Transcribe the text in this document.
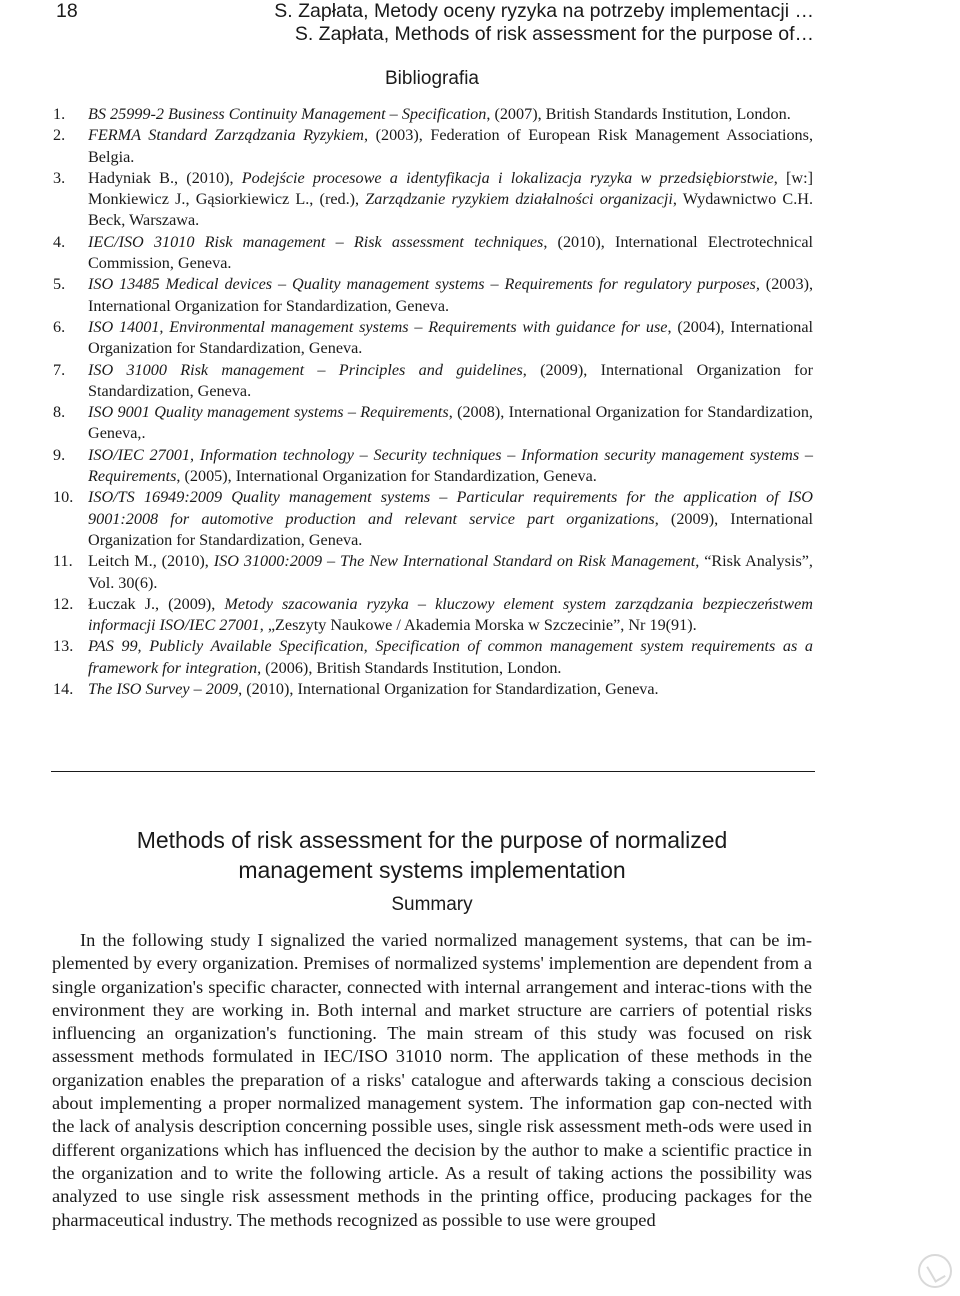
18	S. Zapłata, Metody oceny ryzyka na potrzeby implementacji …
S. Zapłata, Methods of risk assessment for the purpose of…
Bibliografia
1.	BS 25999-2 Business Continuity Management – Specification, (2007), British Standards Institution, London.
2.	FERMA Standard Zarządzania Ryzykiem, (2003), Federation of European Risk Management Associations, Belgia.
3.	Hadyniak B., (2010), Podejście procesowe a identyfikacja i lokalizacja ryzyka w przedsiębiorstwie, [w:] Monkiewicz J., Gąsiorkiewicz L., (red.), Zarządzanie ryzykiem działalności organizacji, Wydawnictwo C.H. Beck, Warszawa.
4.	IEC/ISO 31010 Risk management – Risk assessment techniques, (2010), International Electrotechnical Commission, Geneva.
5.	ISO 13485 Medical devices – Quality management systems – Requirements for regulatory purposes, (2003), International Organization for Standardization, Geneva.
6.	ISO 14001, Environmental management systems – Requirements with guidance for use, (2004), International Organization for Standardization, Geneva.
7.	ISO 31000 Risk management – Principles and guidelines, (2009), International Organization for Standardization, Geneva.
8.	ISO 9001 Quality management systems – Requirements, (2008), International Organization for Standardization, Geneva,.
9.	ISO/IEC 27001, Information technology – Security techniques – Information security management systems – Requirements, (2005), International Organization for Standardization, Geneva.
10. ISO/TS 16949:2009 Quality management systems – Particular requirements for the application of ISO 9001:2008 for automotive production and relevant service part organizations, (2009), International Organization for Standardization, Geneva.
11. Leitch M., (2010), ISO 31000:2009 – The New International Standard on Risk Management, “Risk Analysis”, Vol. 30(6).
12. Łuczak J., (2009), Metody szacowania ryzyka – kluczowy element system zarządzania bezpieczeństwem informacji ISO/IEC 27001, „Zeszyty Naukowe / Akademia Morska w Szczecinie”, Nr 19(91).
13. PAS 99, Publicly Available Specification, Specification of common management system requirements as a framework for integration, (2006), British Standards Institution, London.
14. The ISO Survey – 2009, (2010), International Organization for Standardization, Geneva.
Methods of risk assessment for the purpose of normalized
management systems implementation
Summary

In the following study I signalized the varied normalized management systems, that can be im-plemented by every organization. Premises of normalized systems' implemention are dependent from a single organization's specific character, connected with internal arrangement and interac-tions with the environment they are working in. Both internal and market structure are carriers of potential risks influencing an organization's functioning. The main stream of this study was focused on risk assessment methods formulated in IEC/ISO 31010 norm. The application of these methods in the organization enables the preparation of a risks' catalogue and afterwards taking a conscious decision about implementing a proper normalized management system. The information gap con-nected with the lack of analysis description concerning possible uses, single risk assessment meth-ods were used in different organizations which has influenced the decision by the author to make a scientific practice in the organization and to write the following article. As a result of taking actions the possibility was analyzed to use single risk assessment methods in the printing office, producing packages for the pharmaceutical industry. The methods recognized as possible to use were grouped
